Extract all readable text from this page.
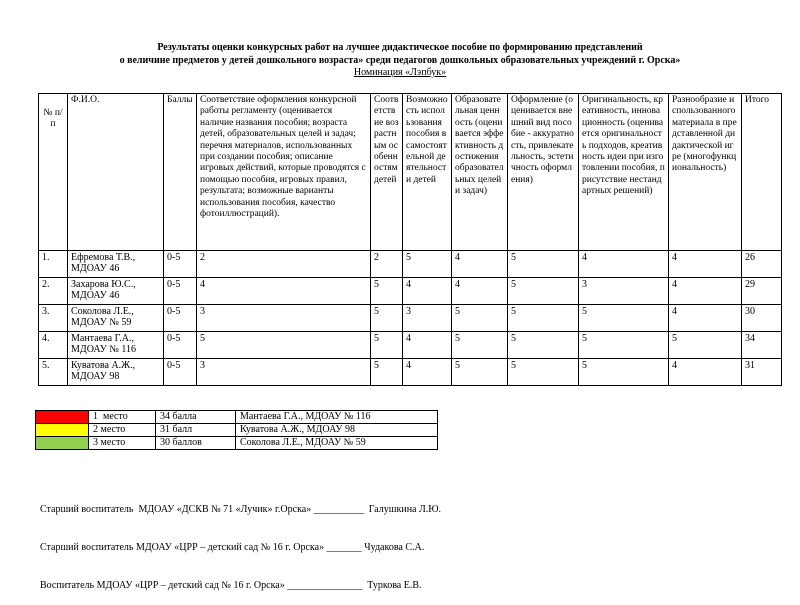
Результаты оценки конкурсных работ на лучшее дидактическое пособие по формированию представлений
о величине предметов у детей дошкольного возраста» среди педагогов дошкольных образовательных учреждений г. Орска»
Номинация «Лэпбук»
№ п/п	Ф.И.О.	Баллы	Соответствие оформления конкурсной работы регламенту (оценивается наличие названия пособия; возраста детей, образовательных целей и задач; перечня материалов, использованных при создании пособия; описание игровых действий, которые проводятся с помощью пособия, игровых правил, результата; возможные варианты использования пособия, качество фотоиллюстраций).	Соответствие возрастным особенностям детей	Возможность использования пособия в самостоятельной деятельности детей	Образовательная ценность (оценивается эффективность достижения образовательных целей и задач)	Оформление (оценивается внешний вид пособие - аккуратность, привлекательность, эстетичность оформления)	Оригинальность, креативность, инновационность (оценивается оригинальность подходов, креативность идеи при изготовлении пособия, присутствие нестандартных решений)	Разнообразие использованного материала в представленной дидактической игре (многофункциональность)	Итого
1.	Ефремова Т.В., МДОАУ 46	0-5	2	2	5	4	5	4	4	26
2.	Захарова Ю.С., МДОАУ 46	0-5	4	5	4	4	5	3	4	29
3.	Соколова Л.Е., МДОАУ № 59	0-5	3	5	3	5	5	5	4	30
4.	Мантаева Г.А., МДОАУ № 116	0-5	5	5	4	5	5	5	5	34
5.	Куватова А.Ж., МДОАУ 98	0-5	3	5	4	5	5	5	4	31
	1  место	34 балла	Мантаева Г.А., МДОАУ № 116
	2 место	31 балл	Куватова А.Ж., МДОАУ 98
	3 место	30 баллов	Соколова Л.Е., МДОАУ № 59

Старший воспитатель  МДОАУ «ДСКВ № 71 «Лучик» г.Орска» __________ Галушкина Л.Ю.

Старший воспитатель МДОАУ «ЦРР – детский сад № 16 г. Орска» _______ Чудакова С.А.

Воспитатель МДОАУ «ЦРР – детский сад № 16 г. Орска» _______________ Туркова Е.В.
